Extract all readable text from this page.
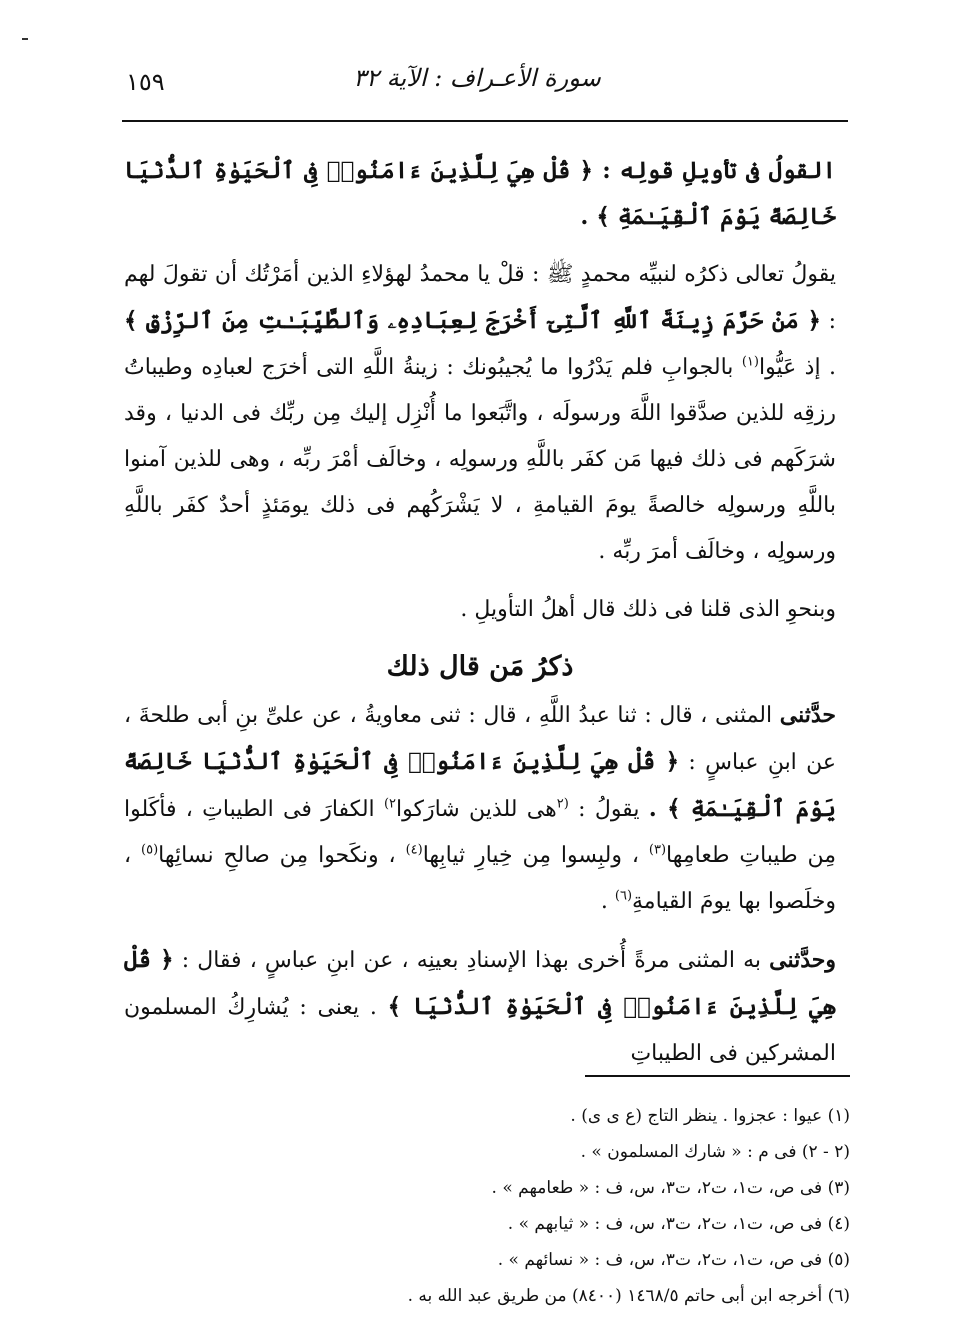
١٥٩	سورة الأعـراف : الآية ٣٢

القولُ فى تأويلِ قولِه : ﴿ قُلْ هِيَ لِلَّذِينَ ءَامَنُوا۟ فِى ٱلْحَيَوٰةِ ٱلدُّنْيَا خَالِصَةً يَوْمَ ٱلْقِيَـٰمَةِ ﴾ .

يقولُ تعالى ذكرُه لنبيِّه محمدٍ ﷺ : قلْ يا محمدُ لهؤلاءِ الذين أمَرْتُك أن تقولَ لهم : ﴿ مَنْ حَرَّمَ زِينَةَ ٱللَّهِ ٱلَّتِىٓ أَخْرَجَ لِعِبَادِهِۦ وَٱلطَّيِّبَـٰتِ مِنَ ٱلرِّزْقِ ﴾ . إذ عَيُّوا$^{(١)}$ بالجوابِ فلم يَدْرُوا ما يُجيبُونك : زينةُ اللَّهِ التى أخرَج لعبادِه وطيباتُ رزقِه للذين صدَّقوا اللَّهَ ورسولَه ، واتَّبَعوا ما أُنْزِل إليك مِن ربِّك فى الدنيا ، وقد شرَكَهم فى ذلك فيها مَن كفَر باللَّهِ ورسولِه ، وخالَف أمْرَ ربِّه ، وهى للذين آمنوا باللَّهِ ورسولِه خالصةً يومَ القيامةِ ، لا يَشْرَكُهم فى ذلك يومَئذٍ أحدٌ كفَر باللَّهِ ورسولِه ، وخالَف أمرَ ربِّه .

وبنحوِ الذى قلنا فى ذلك قال أهلُ التأويلِ .

ذكرُ مَن قال ذلك

حدَّثنى المثنى ، قال : ثنا عبدُ اللَّهِ ، قال : ثنى معاويةُ ، عن علىِّ بنِ أبى طلحةَ ، عن ابنِ عباسٍ : ﴿ قُلْ هِيَ لِلَّذِينَ ءَامَنُوا۟ فِى ٱلْحَيَوٰةِ ٱلدُّنْيَا خَالِصَةً يَوْمَ ٱلْقِيَـٰمَةِ ﴾ . يقولُ : $^{(٢}$هى للذين شارَكوا$^{٢)}$ الكفارَ فى الطيباتِ ، فأكَلوا مِن طيباتِ طعامِها$^{(٣)}$ ، ولبِسوا مِن خِيارِ ثيابِها$^{(٤)}$ ، ونكَحوا مِن صالحِ نسائِها$^{(٥)}$ ، وخلَصوا بها يومَ القيامةِ$^{(٦)}$ .

وحدَّثنى به المثنى مرةً أُخرى بهذا الإسنادِ بعينِه ، عن ابنِ عباسٍ ، فقال : ﴿ قُلْ هِيَ لِلَّذِينَ ءَامَنُوا۟ فِى ٱلْحَيَوٰةِ ٱلدُّنْيَا ﴾ . يعنى : يُشارِكُ المسلمون المشركين فى الطيباتِ

(١) عيوا : عجزوا . ينظر التاج (ع ى ى) .

(٢ - ٢) فى م : « شارك المسلمون » .

(٣) فى ص، ت١، ت٢، ت٣، س، ف : « طعامهم » .

(٤) فى ص، ت١، ت٢، ت٣، س، ف : « ثيابهم » .

(٥) فى ص، ت١، ت٢، ت٣، س، ف : « نسائهم » .

(٦) أخرجه ابن أبى حاتم ١٤٦٨/٥ (٨٤٠٠) من طريق عبد الله به .
